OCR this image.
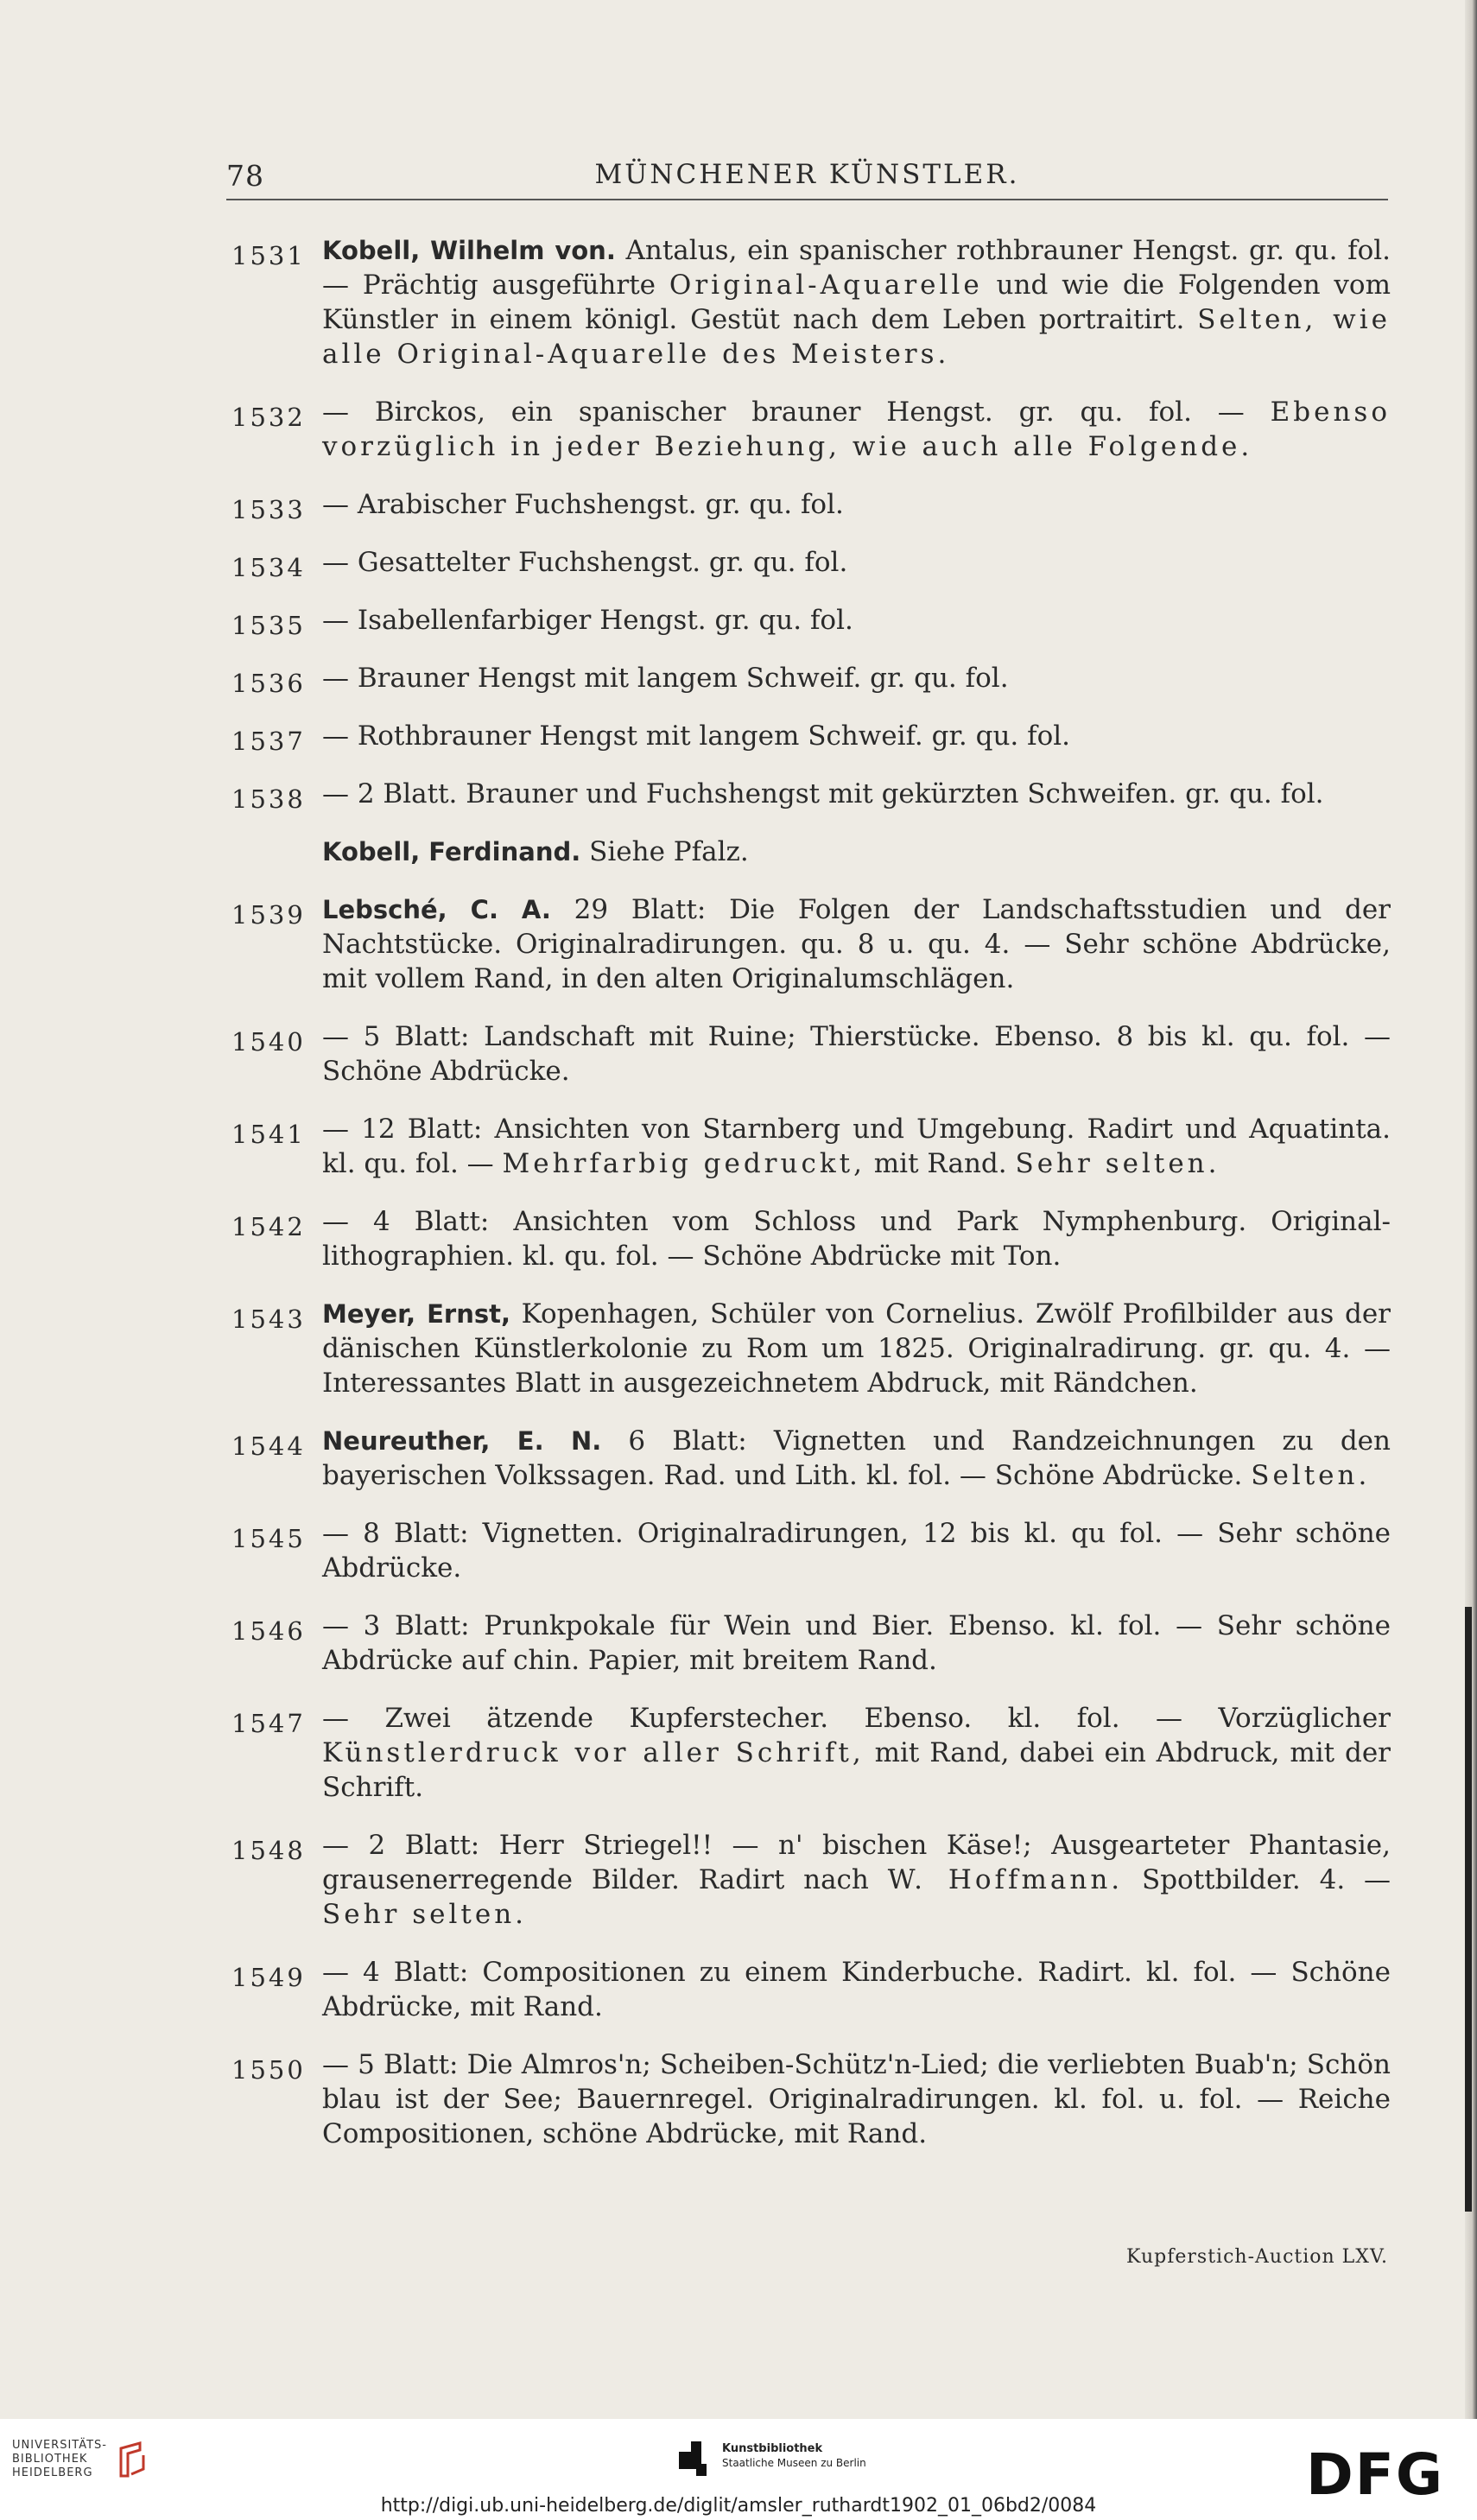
78	MÜNCHENER KÜNSTLER.
1531 Kobell, Wilhelm von. Antalus, ein spanischer rothbrauner Hengst. gr. qu. fol. — Prächtig ausgeführte Original-Aquarelle und wie die Folgenden vom Künstler in einem königl. Gestüt nach dem Leben portraitirt. Selten, wie alle Original-Aquarelle des Meisters.
1532 — Birckos, ein spanischer brauner Hengst. gr. qu. fol. — Ebenso vorzüglich in jeder Beziehung, wie auch alle Folgende.
1533 — Arabischer Fuchshengst. gr. qu. fol.
1534 — Gesattelter Fuchshengst. gr. qu. fol.
1535 — Isabellenfarbiger Hengst. gr. qu. fol.
1536 — Brauner Hengst mit langem Schweif. gr. qu. fol.
1537 — Rothbrauner Hengst mit langem Schweif. gr. qu. fol.
1538 — 2 Blatt. Brauner und Fuchshengst mit gekürzten Schweifen. gr. qu. fol.
Kobell, Ferdinand. Siehe Pfalz.
1539 Lebsché, C. A. 29 Blatt: Die Folgen der Landschaftsstudien und der Nachtstücke. Originalradirungen. qu. 8 u. qu. 4. — Sehr schöne Abdrücke, mit vollem Rand, in den alten Originalumschlägen.
1540 — 5 Blatt: Landschaft mit Ruine; Thierstücke. Ebenso. 8 bis kl. qu. fol. — Schöne Abdrücke.
1541 — 12 Blatt: Ansichten von Starnberg und Umgebung. Radirt und Aquatinta. kl. qu. fol. — Mehrfarbig gedruckt, mit Rand. Sehr selten.
1542 — 4 Blatt: Ansichten vom Schloss und Park Nymphenburg. Original-lithographien. kl. qu. fol. — Schöne Abdrücke mit Ton.
1543 Meyer, Ernst, Kopenhagen, Schüler von Cornelius. Zwölf Profilbilder aus der dänischen Künstlerkolonie zu Rom um 1825. Originalradirung. gr. qu. 4. — Interessantes Blatt in ausgezeichnetem Abdruck, mit Rändchen.
1544 Neureuther, E. N. 6 Blatt: Vignetten und Randzeichnungen zu den bayerischen Volkssagen. Rad. und Lith. kl. fol. — Schöne Abdrücke. Selten.
1545 — 8 Blatt: Vignetten. Originalradirungen, 12 bis kl. qu fol. — Sehr schöne Abdrücke.
1546 — 3 Blatt: Prunkpokale für Wein und Bier. Ebenso. kl. fol. — Sehr schöne Abdrücke auf chin. Papier, mit breitem Rand.
1547 — Zwei ätzende Kupferstecher. Ebenso. kl. fol. — Vorzüglicher Künstlerdruck vor aller Schrift, mit Rand, dabei ein Abdruck, mit der Schrift.
1548 — 2 Blatt: Herr Striegel!! — n' bischen Käse!; Ausgearteter Phantasie, grausenerregende Bilder. Radirt nach W. Hoffmann. Spottbilder. 4. — Sehr selten.
1549 — 4 Blatt: Compositionen zu einem Kinderbuche. Radirt. kl. fol. — Schöne Abdrücke, mit Rand.
1550 — 5 Blatt: Die Almros'n; Scheiben-Schütz'n-Lied; die verliebten Buab'n; Schön blau ist der See; Bauernregel. Originalradirungen. kl. fol. u. fol. — Reiche Compositionen, schöne Abdrücke, mit Rand.
Kupferstich-Auction LXV.
UNIVERSITÄTS-
BIBLIOTHEK
HEIDELBERG
Kunstbibliothek
Staatliche Museen zu Berlin	DFG
http://digi.ub.uni-heidelberg.de/diglit/amsler_ruthardt1902_01_06bd2/0084
